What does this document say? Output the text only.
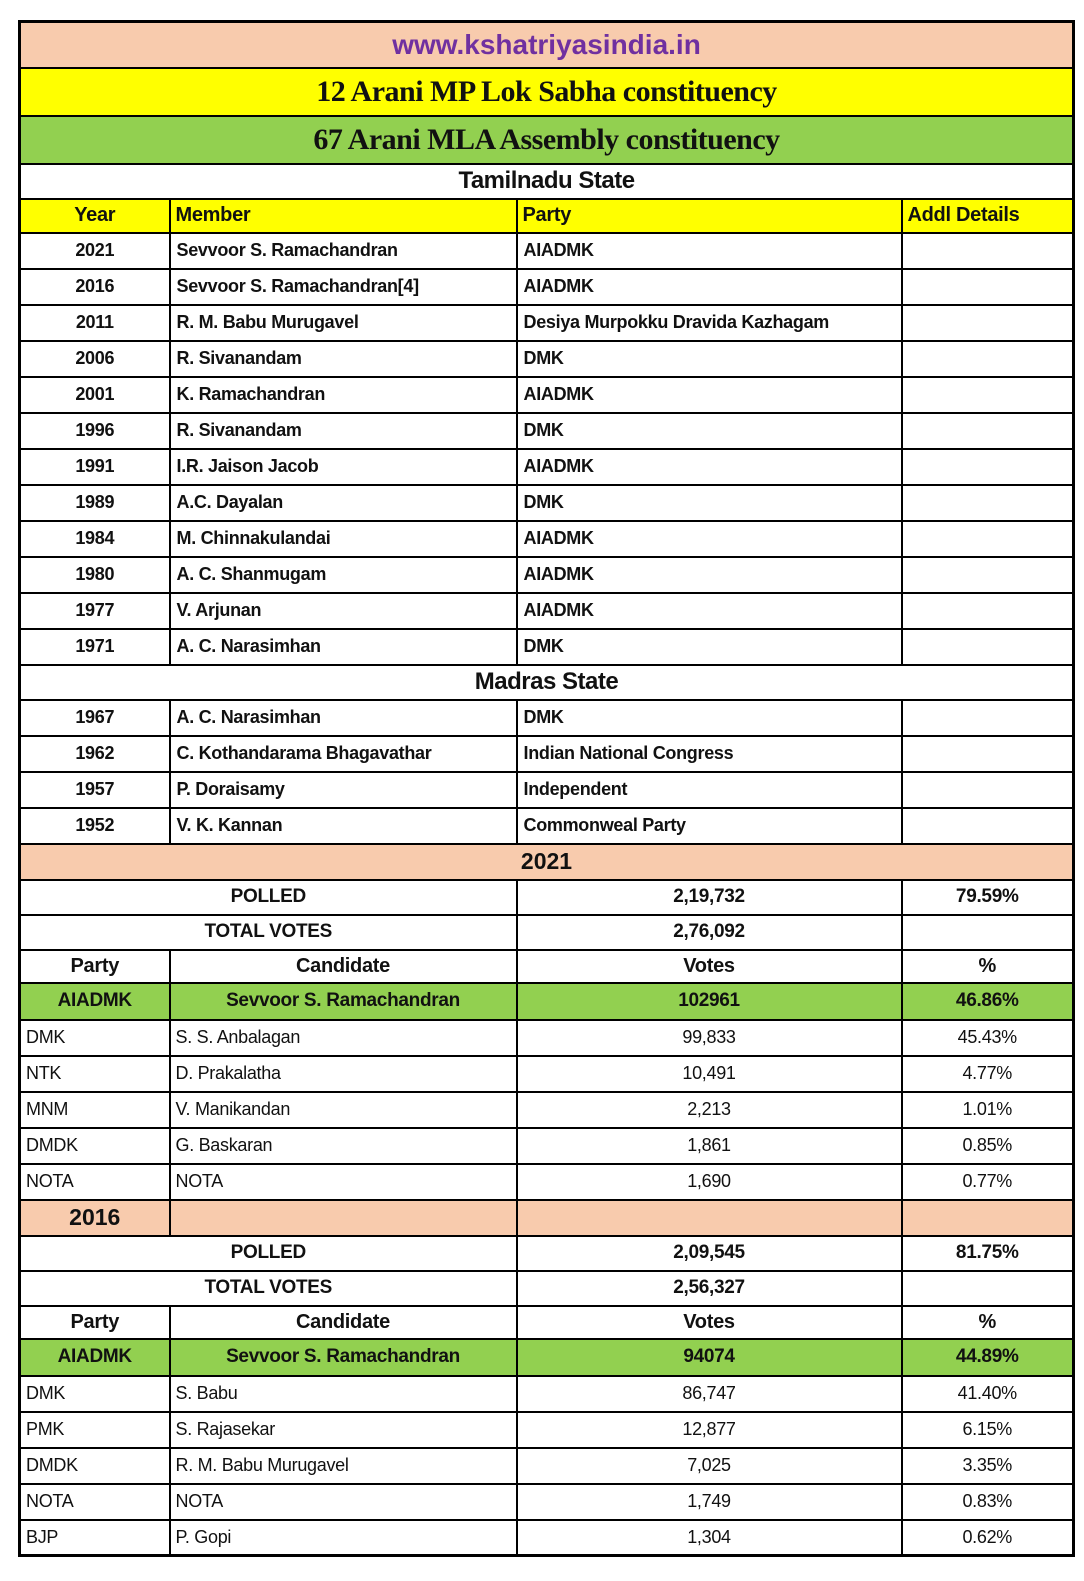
www.kshatriyasindia.in			
12 Arani MP Lok Sabha constituency			
67 Arani MLA Assembly constituency			
Tamilnadu State			
Year	Member	Party	Addl Details
2021	Sevvoor S. Ramachandran	AIADMK	
2016	Sevvoor S. Ramachandran[4]	AIADMK	
2011	R. M. Babu Murugavel	Desiya Murpokku Dravida Kazhagam	
2006	R. Sivanandam	DMK	
2001	K. Ramachandran	AIADMK	
1996	R. Sivanandam	DMK	
1991	I.R. Jaison Jacob	AIADMK	
1989	A.C. Dayalan	DMK	
1984	M. Chinnakulandai	AIADMK	
1980	A. C. Shanmugam	AIADMK	
1977	V. Arjunan	AIADMK	
1971	A. C. Narasimhan	DMK	
Madras State			
1967	A. C. Narasimhan	DMK	
1962	C. Kothandarama Bhagavathar	Indian National Congress	
1957	P. Doraisamy	Independent	
1952	V. K. Kannan	Commonweal Party	
2021			
POLLED		2,19,732	79.59%
TOTAL VOTES		2,76,092	
Party	Candidate	Votes	%
AIADMK	Sevvoor S. Ramachandran	102961	46.86%
DMK	S. S. Anbalagan	99,833	45.43%
NTK	D. Prakalatha	10,491	4.77%
MNM	V. Manikandan	2,213	1.01%
DMDK	G. Baskaran	1,861	0.85%
NOTA	NOTA	1,690	0.77%
2016			
POLLED		2,09,545	81.75%
TOTAL VOTES		2,56,327	
Party	Candidate	Votes	%
AIADMK	Sevvoor S. Ramachandran	94074	44.89%
DMK	S. Babu	86,747	41.40%
PMK	S. Rajasekar	12,877	6.15%
DMDK	R. M. Babu Murugavel	7,025	3.35%
NOTA	NOTA	1,749	0.83%
BJP	P. Gopi	1,304	0.62%
